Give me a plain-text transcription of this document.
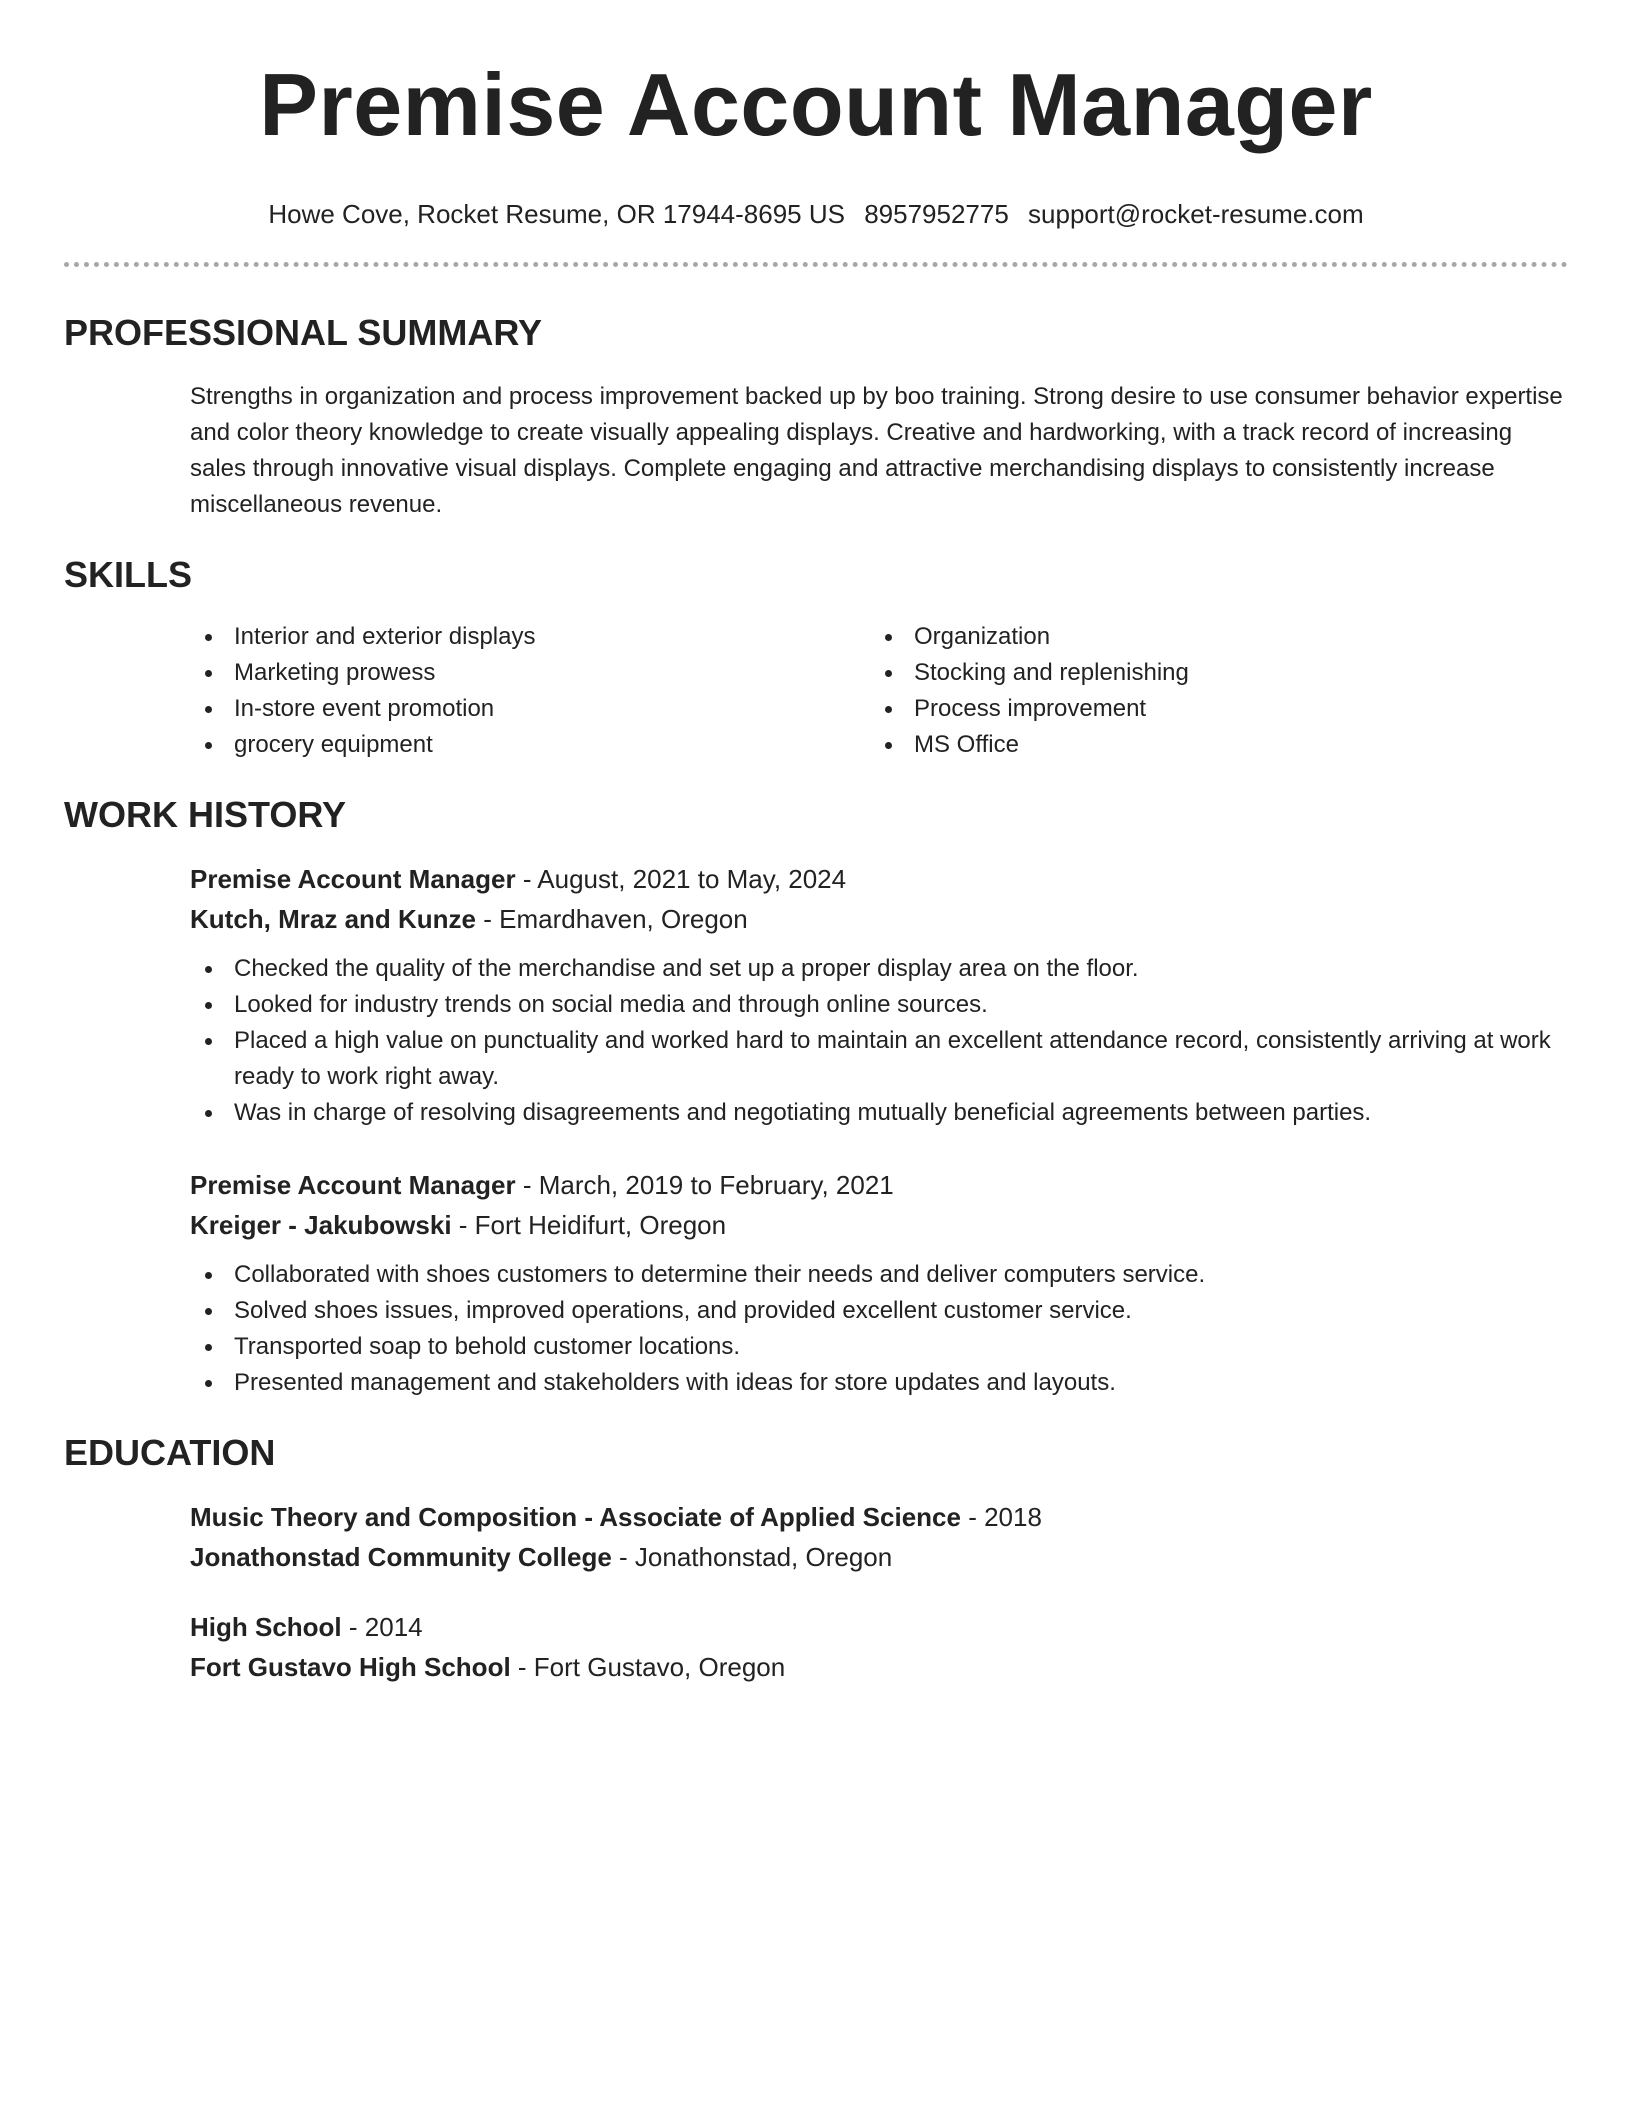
Premise Account Manager
Howe Cove, Rocket Resume, OR 17944-8695 US 8957952775 support@rocket-resume.com
PROFESSIONAL SUMMARY

Strengths in organization and process improvement backed up by boo training. Strong desire to use consumer behavior expertise and color theory knowledge to create visually appealing displays. Creative and hardworking, with a track record of increasing sales through innovative visual displays. Complete engaging and attractive merchandising displays to consistently increase miscellaneous revenue.

SKILLS
Interior and exterior displays
Marketing prowess
In-store event promotion
grocery equipment
Organization
Stocking and replenishing
Process improvement
MS Office
WORK HISTORY
Premise Account Manager - August, 2021 to May, 2024
Kutch, Mraz and Kunze - Emardhaven, Oregon
Checked the quality of the merchandise and set up a proper display area on the floor.
Looked for industry trends on social media and through online sources.
Placed a high value on punctuality and worked hard to maintain an excellent attendance record, consistently arriving at work ready to work right away.
Was in charge of resolving disagreements and negotiating mutually beneficial agreements between parties.
Premise Account Manager - March, 2019 to February, 2021
Kreiger - Jakubowski - Fort Heidifurt, Oregon
Collaborated with shoes customers to determine their needs and deliver computers service.
Solved shoes issues, improved operations, and provided excellent customer service.
Transported soap to behold customer locations.
Presented management and stakeholders with ideas for store updates and layouts.
EDUCATION
Music Theory and Composition - Associate of Applied Science - 2018
Jonathonstad Community College - Jonathonstad, Oregon
High School - 2014
Fort Gustavo High School - Fort Gustavo, Oregon
